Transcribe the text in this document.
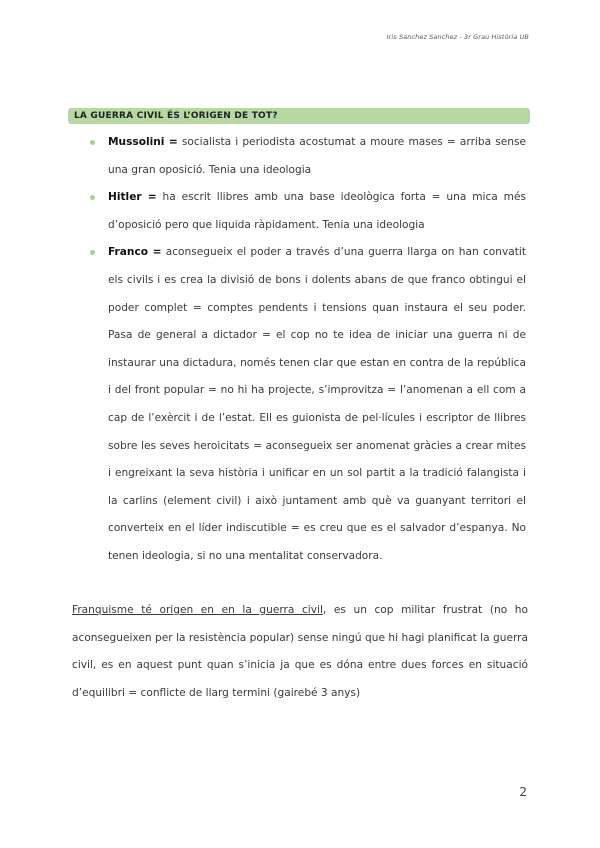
Iris Sanchez Sanchez - 3r Grau Història UB
LA GUERRA CIVIL ÉS L’ORIGEN DE TOT?
Mussolini = socialista i periodista acostumat a moure mases = arriba sense una gran oposició. Tenia una ideologia
Hitler = ha escrit llibres amb una base ideològica forta = una mica més d’oposició pero que liquida ràpidament. Tenia una ideologia
Franco = aconsegueix el poder a través d’una guerra llarga on han convatit els civils i es crea la divisió de bons i dolents abans de que franco obtingui el poder complet = comptes pendents i tensions quan instaura el seu poder. Pasa de general a dictador = el cop no te idea de iniciar una guerra ni de instaurar una dictadura, només tenen clar que estan en contra de la república i del front popular = no hi ha projecte, s’improvitza = l’anomenan a ell com a cap de l’exèrcit i de l’estat. Ell es guionista de pel·lícules i escriptor de llibres sobre les seves heroicitats = aconsegueix ser anomenat gràcies a crear mites i engreixant la seva història i unificar en un sol partit a la tradició falangista i la carlins (element civil) i això juntament amb què va guanyant territori el converteix en el líder indiscutible = es creu que es el salvador d’espanya. No tenen ideologia, si no una mentalitat conservadora.
Franquisme té origen en en la guerra civil, es un cop militar frustrat (no ho aconsegueixen per la resistència popular) sense ningú que hi hagi planificat la guerra civil, es en aquest punt quan s’inicia ja que es dóna entre dues forces en situació d’equilibri = conflicte de llarg termini (gairebé 3 anys)
2
